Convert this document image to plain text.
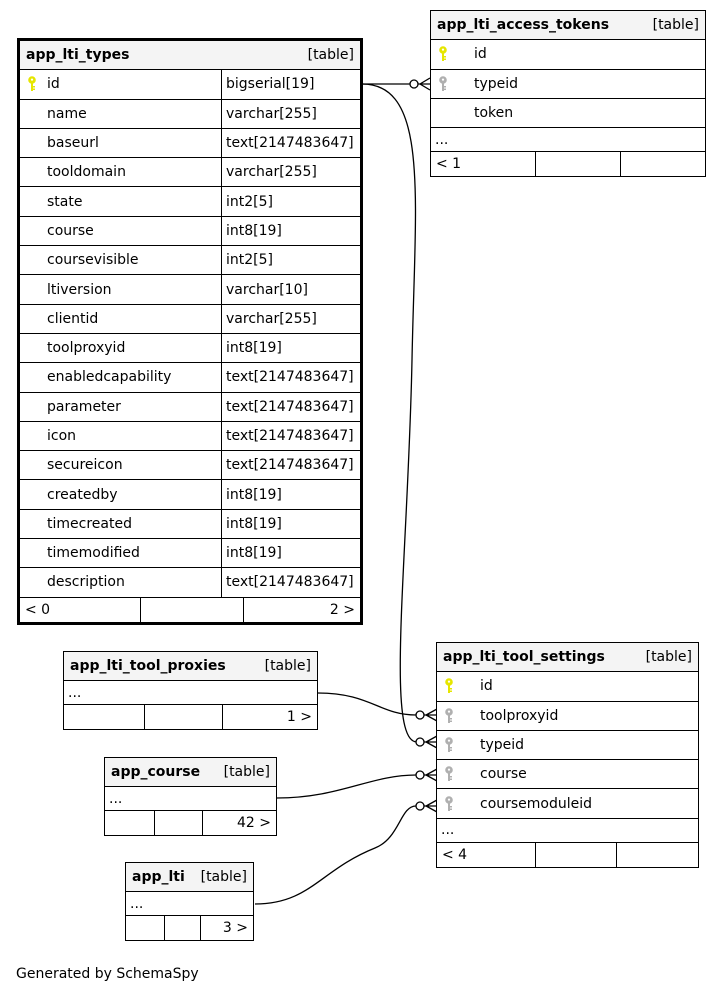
app_lti_types	[table]
id	bigserial[19]
name	varchar[255]
baseurl	text[2147483647]
tooldomain	varchar[255]
state	int2[5]
course	int8[19]
coursevisible	int2[5]
ltiversion	varchar[10]
clientid	varchar[255]
toolproxyid	int8[19]
enabledcapability	text[2147483647]
parameter	text[2147483647]
icon	text[2147483647]
secureicon	text[2147483647]
createdby	int8[19]
timecreated	int8[19]
timemodified	int8[19]
description	text[2147483647]
< 0	2 >
app_lti_access_tokens	[table]
id
typeid
token
...
< 1
app_lti_tool_settings	[table]
id
toolproxyid
typeid
course
coursemoduleid
...
< 4
app_lti_tool_proxies	[table]
...
1 >
app_course [table]
...
42 >
app_lti [table]
...
3 >
Generated by SchemaSpy
